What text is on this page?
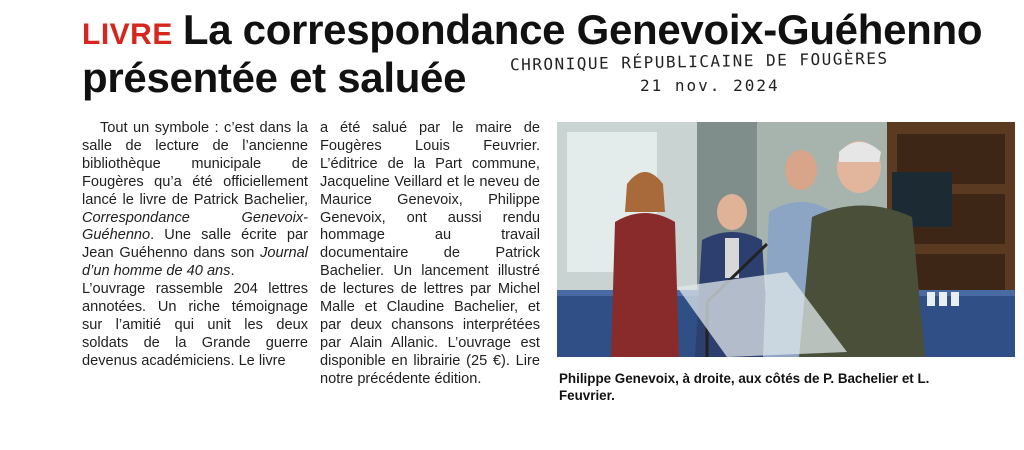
LIVRE La correspondance Genevoix-Guéhenno
présentée et saluée	CHRONIQUE RÉPUBLICAINE DE FOUGÈRES
21 nov. 2024

Tout un symbole : c’est dans la salle de lecture de l’ancienne bibliothèque municipale de Fougères qu’a été officiellement lancé le livre de Patrick Bachelier, Correspondance Genevoix-Guéhenno. Une salle écrite par Jean Guéhenno dans son Journal d’un homme de 40 ans.

L’ouvrage rassemble 204 lettres annotées. Un riche témoignage sur l’amitié qui unit les deux soldats de la Grande guerre devenus académiciens. Le livre

a été salué par le maire de Fougères Louis Feuvrier. L’éditrice de la Part commune, Jacqueline Veillard et le neveu de Maurice Genevoix, Philippe Genevoix, ont aussi rendu hommage au travail documentaire de Patrick Bachelier. Un lancement illustré de lectures de lettres par Michel Malle et Claudine Bachelier, et par deux chansons interprétées par Alain Allanic. L’ouvrage est disponible en librairie (25 €). Lire notre précédente édition.	Philippe Genevoix, à droite, aux côtés de P. Bachelier et L. Feuvrier.
